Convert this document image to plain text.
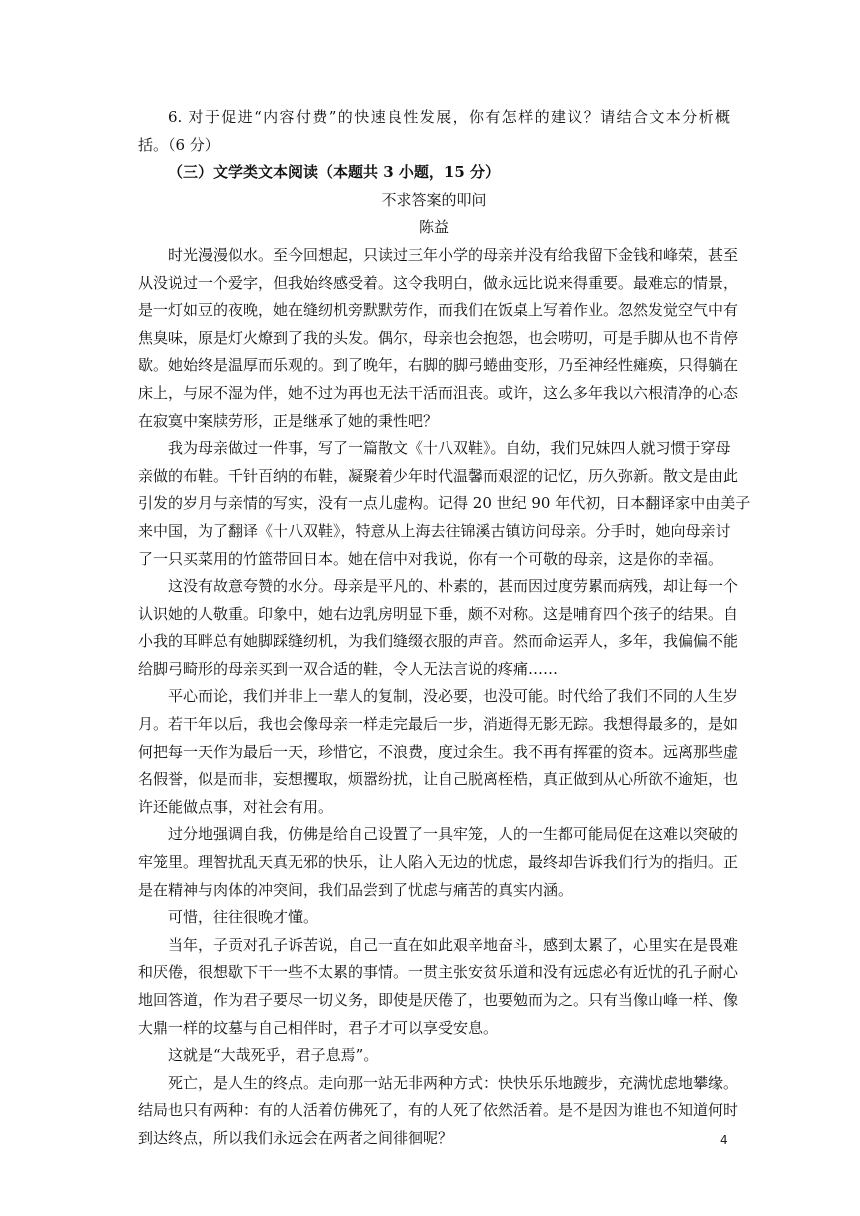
6. 对于促进“内容付费”的快速良性发展，你有怎样的建议？请结合文本分析概
括。（6 分）
（三）文学类文本阅读（本题共 3 小题，15 分）
不求答案的叩问
陈益
时光漫漫似水。至今回想起，只读过三年小学的母亲并没有给我留下金钱和峰荣，甚至
从没说过一个爱字，但我始终感受着。这令我明白，做永远比说来得重要。最难忘的情景，
是一灯如豆的夜晚，她在缝纫机旁默默劳作，而我们在饭桌上写着作业。忽然发觉空气中有
焦臭味，原是灯火燎到了我的头发。偶尔，母亲也会抱怨，也会唠叨，可是手脚从也不肯停
歇。她始终是温厚而乐观的。到了晚年，右脚的脚弓蜷曲变形，乃至神经性瘫痪，只得躺在
床上，与尿不湿为伴，她不过为再也无法干活而沮丧。或许，这么多年我以六根清净的心态
在寂寞中案牍劳形，正是继承了她的秉性吧？
我为母亲做过一件事，写了一篇散文《十八双鞋》。自幼，我们兄妹四人就习惯于穿母
亲做的布鞋。千针百纳的布鞋，凝聚着少年时代温馨而艰涩的记忆，历久弥新。散文是由此
引发的岁月与亲情的写实，没有一点儿虚构。记得 20 世纪 90 年代初，日本翻译家中由美子
来中国，为了翻译《十八双鞋》，特意从上海去往锦溪古镇访问母亲。分手时，她向母亲讨
了一只买菜用的竹篮带回日本。她在信中对我说，你有一个可敬的母亲，这是你的幸福。
这没有故意夸赞的水分。母亲是平凡的、朴素的，甚而因过度劳累而病残，却让每一个
认识她的人敬重。印象中，她右边乳房明显下垂，颇不对称。这是哺育四个孩子的结果。自
小我的耳畔总有她脚踩缝纫机，为我们缝缀衣服的声音。然而命运弄人，多年，我偏偏不能
给脚弓畸形的母亲买到一双合适的鞋，令人无法言说的疼痛……
平心而论，我们并非上一辈人的复制，没必要，也没可能。时代给了我们不同的人生岁
月。若干年以后，我也会像母亲一样走完最后一步，消逝得无影无踪。我想得最多的，是如
何把每一天作为最后一天，珍惜它，不浪费，度过余生。我不再有挥霍的资本。远离那些虚
名假誉，似是而非，妄想攫取，烦嚣纷扰，让自己脱离桎梏，真正做到从心所欲不逾矩，也
许还能做点事，对社会有用。
过分地强调自我，仿佛是给自己设置了一具牢笼，人的一生都可能局促在这难以突破的
牢笼里。理智扰乱天真无邪的快乐，让人陷入无边的忧虑，最终却告诉我们行为的指归。正
是在精神与肉体的冲突间，我们品尝到了忧虑与痛苦的真实内涵。
可惜，往往很晚才懂。
当年，子贡对孔子诉苦说，自己一直在如此艰辛地奋斗，感到太累了，心里实在是畏难
和厌倦，很想歇下干一些不太累的事情。一贯主张安贫乐道和没有远虑必有近忧的孔子耐心
地回答道，作为君子要尽一切义务，即使是厌倦了，也要勉而为之。只有当像山峰一样、像
大鼎一样的坟墓与自己相伴时，君子才可以享受安息。
这就是“大哉死乎，君子息焉”。
死亡，是人生的终点。走向那一站无非两种方式：快快乐乐地踱步，充满忧虑地攀缘。
结局也只有两种：有的人活着仿佛死了，有的人死了依然活着。是不是因为谁也不知道何时
到达终点，所以我们永远会在两者之间徘徊呢？	4
